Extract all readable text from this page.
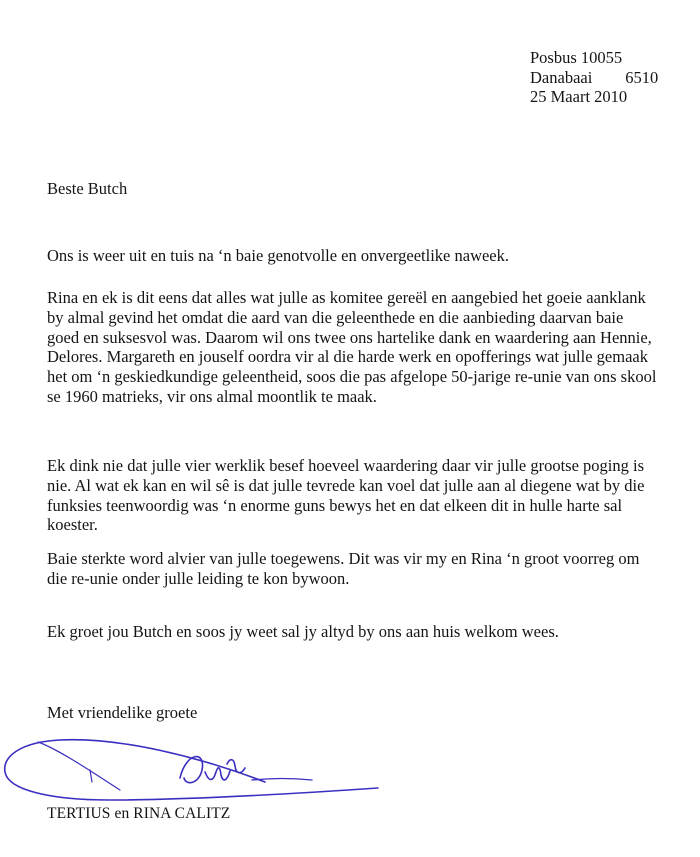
Posbus 10055
Danabaai        6510
25 Maart 2010
Beste Butch

Ons is weer uit en tuis na ‘n baie genotvolle en onvergeetlike naweek.

Rina en ek is dit eens dat alles wat julle as komitee gereël en aangebied het goeie aanklank by almal gevind het omdat die aard van die geleenthede en die aanbieding daarvan baie goed en suksesvol was. Daarom wil ons twee ons hartelike dank en waardering aan Hennie, Delores. Margareth en jouself oordra vir al die harde werk en opofferings wat julle gemaak het om ‘n geskiedkundige geleentheid, soos die pas afgelope 50-jarige re-unie van ons skool se 1960 matrieks, vir ons almal moontlik te maak.

Ek dink nie dat julle vier werklik besef hoeveel waardering daar vir julle grootse poging is nie. Al wat ek kan en wil sê is dat julle tevrede kan voel dat julle aan al diegene wat by die funksies teenwoordig was ‘n enorme guns bewys het en dat elkeen dit in hulle harte sal koester.

Baie sterkte word alvier van julle toegewens. Dit was vir my en Rina ‘n groot voorreg om die re-unie onder julle leiding te kon bywoon.

Ek groet jou Butch en soos jy weet sal jy altyd by ons aan huis welkom wees.

Met vriendelike groete
TERTIUS en RINA CALITZ
